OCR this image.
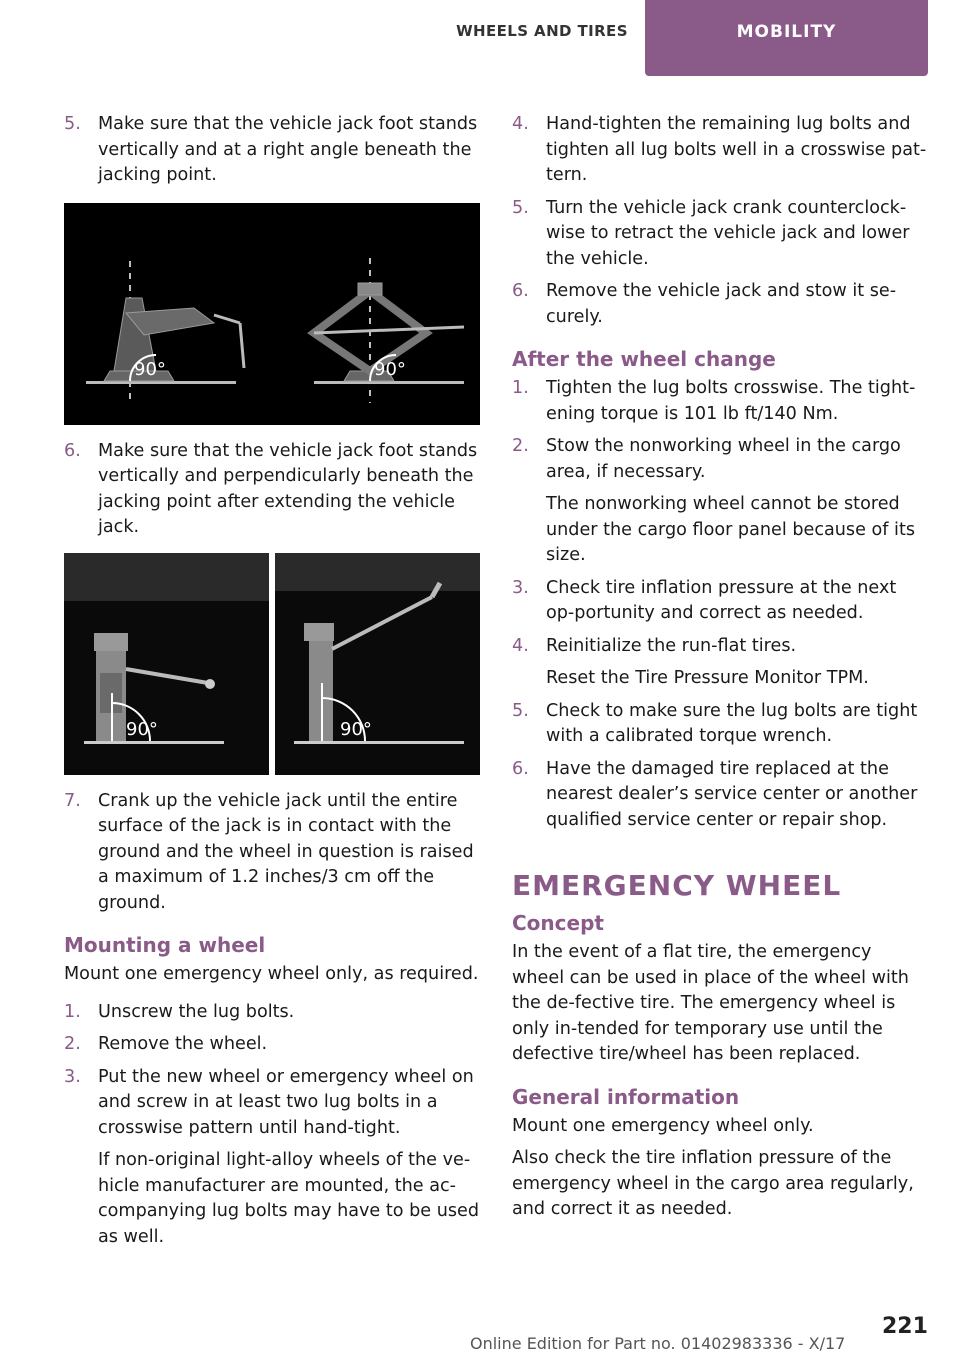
WHEELS AND TIRES	MOBILITY
5. Make sure that the vehicle jack foot stands vertically and at a right angle beneath the jacking point.

90°	90°
6. Make sure that the vehicle jack foot stands vertically and perpendicularly beneath the jacking point after extending the vehicle jack.

90°	90°
7. Crank up the vehicle jack until the entire surface of the jack is in contact with the ground and the wheel in question is raised a maximum of 1.2 inches/3 cm off the ground.

Mounting a wheel

Mount one emergency wheel only, as required.

1. Unscrew the lug bolts.

2. Remove the wheel.

3. Put the new wheel or emergency wheel on and screw in at least two lug bolts in a crosswise pattern until hand-tight.

If non-original light-alloy wheels of the ve‐hicle manufacturer are mounted, the ac‐companying lug bolts may have to be used as well.

4. Hand-tighten the remaining lug bolts and tighten all lug bolts well in a crosswise pat‐tern.

5. Turn the vehicle jack crank counterclock‐wise to retract the vehicle jack and lower the vehicle.

6. Remove the vehicle jack and stow it se‐curely.

After the wheel change
1. Tighten the lug bolts crosswise. The tight‐ening torque is 101 lb ft/140 Nm.

2. Stow the nonworking wheel in the cargo area, if necessary.

The nonworking wheel cannot be stored under the cargo floor panel because of its size.

3. Check tire inflation pressure at the next op‐portunity and correct as needed.

4. Reinitialize the run-flat tires.

Reset the Tire Pressure Monitor TPM.

5. Check to make sure the lug bolts are tight with a calibrated torque wrench.

6. Have the damaged tire replaced at the nearest dealer’s service center or another qualified service center or repair shop.

EMERGENCY WHEEL
Concept

In the event of a flat tire, the emergency wheel can be used in place of the wheel with the de‐fective tire. The emergency wheel is only in‐tended for temporary use until the defective tire/wheel has been replaced.

General information

Mount one emergency wheel only.

Also check the tire inflation pressure of the emergency wheel in the cargo area regularly, and correct it as needed.

221
Online Edition for Part no. 01402983336 - X/17
